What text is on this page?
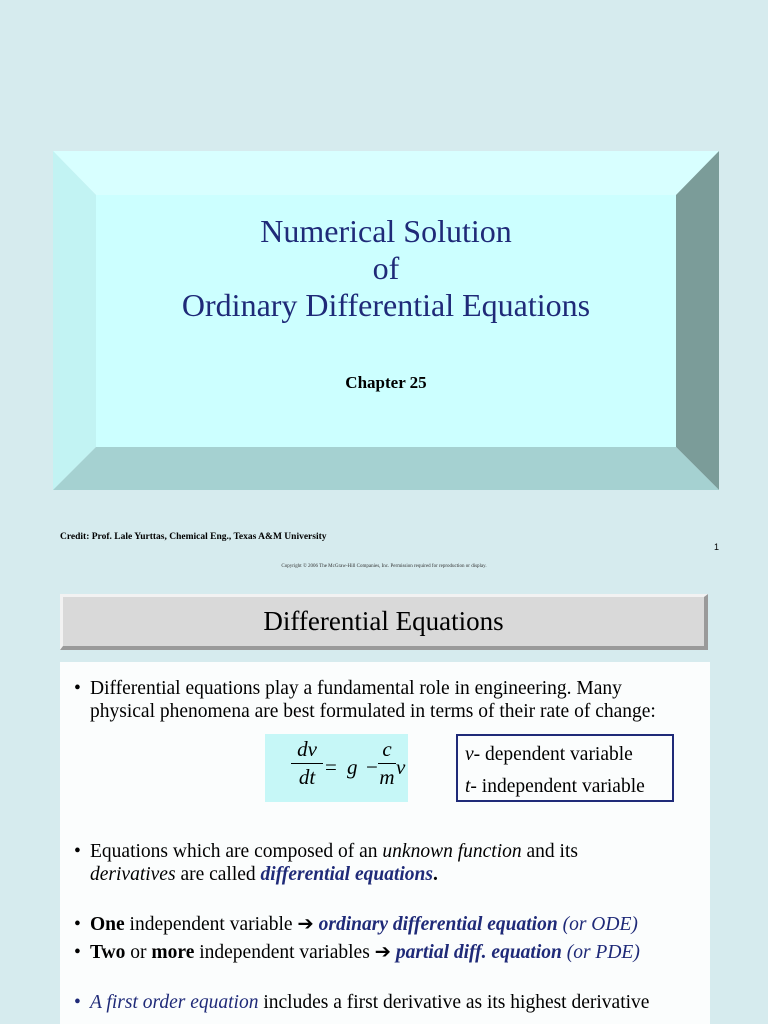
Numerical Solution
of
Ordinary Differential Equations
Chapter 25
Credit: Prof. Lale Yurttas, Chemical Eng., Texas A&M University
1
Copyright © 2006 The McGraw-Hill Companies, Inc. Permission required for reproduction or display.
Differential Equations
• Differential equations play a fundamental role in engineering. Many
physical phenomena are best formulated in terms of their rate of change:
dv
dt = g −
c
m v
v- dependent variable
t- independent variable
• Equations which are composed of an unknown function and its
derivatives are called differential equations.
• One independent variable ➔ ordinary differential equation (or ODE)
• Two or more independent variables ➔ partial diff. equation (or PDE)
• A first order equation includes a first derivative as its highest derivative
